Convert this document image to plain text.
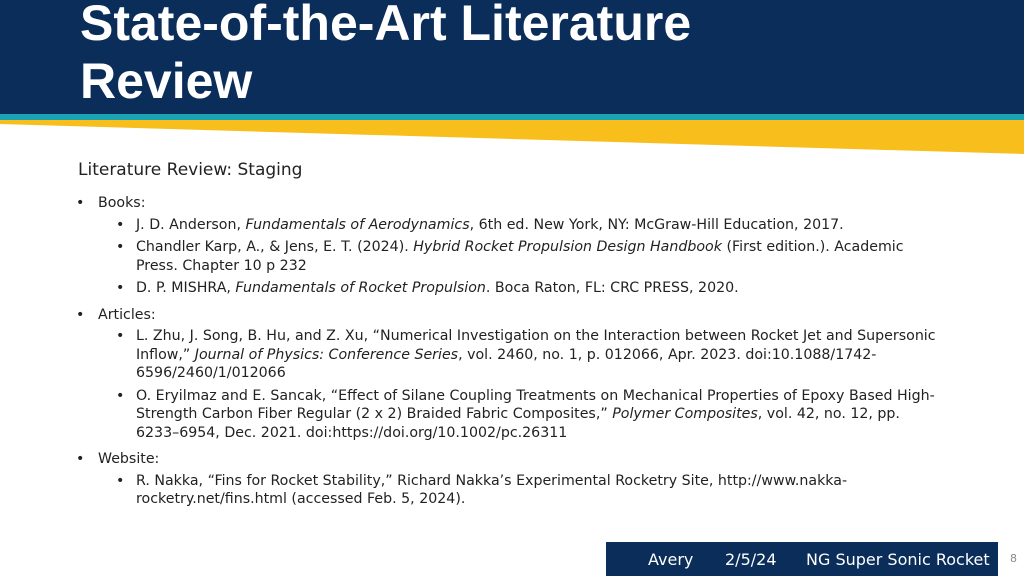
State-of-the-Art Literature
Review
Literature Review: Staging
• Books:
• J. D. Anderson, Fundamentals of Aerodynamics, 6th ed. New York, NY: McGraw-Hill Education, 2017.
• Chandler Karp, A., & Jens, E. T. (2024). Hybrid Rocket Propulsion Design Handbook (First edition.). Academic Press. Chapter 10 p 232
• D. P. MISHRA, Fundamentals of Rocket Propulsion. Boca Raton, FL: CRC PRESS, 2020.
• Articles:
• L. Zhu, J. Song, B. Hu, and Z. Xu, “Numerical Investigation on the Interaction between Rocket Jet and Supersonic Inflow,” Journal of Physics: Conference Series, vol. 2460, no. 1, p. 012066, Apr. 2023. doi:10.1088/1742-6596/2460/1/012066
• O. Eryilmaz and E. Sancak, “Effect of Silane Coupling Treatments on Mechanical Properties of Epoxy Based High-Strength Carbon Fiber Regular (2 x 2) Braided Fabric Composites,” Polymer Composites, vol. 42, no. 12, pp. 6233–6954, Dec. 2021. doi:https://doi.org/10.1002/pc.26311
• Website:
• R. Nakka, “Fins for Rocket Stability,” Richard Nakka’s Experimental Rocketry Site, http://www.nakka-rocketry.net/fins.html (accessed Feb. 5, 2024).
Avery 2/5/24 NG Super Sonic Rocket 8
